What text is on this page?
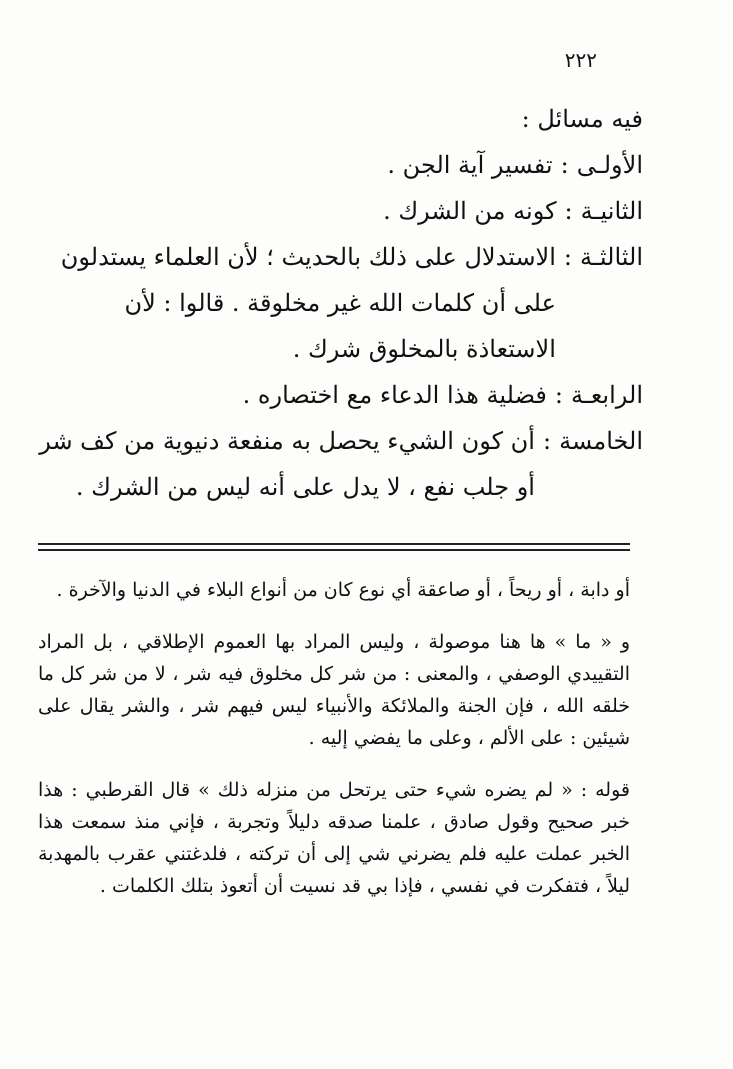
٢٢٢

فيه مسائل :

الأولـى
:
تفسير آية الجن .
الثانيـة
:
كونه من الشرك .
الثالثـة
:
الاستدلال على ذلك بالحديث ؛ لأن العلماء يستدلون على أن كلمات الله غير مخلوقة . قالوا : لأن الاستعاذة بالمخلوق شرك .
الرابعـة
:
فضلية هذا الدعاء مع اختصاره .
الخامسة
:
أن كون الشيء يحصل به منفعة دنيوية من كف شر أو جلب نفع ، لا يدل على أنه ليس من الشرك .

أو دابة ، أو ريحاً ، أو صاعقة أي نوع كان من أنواع البلاء في الدنيا والآخرة .

و « ما » ها هنا موصولة ، وليس المراد بها العموم الإطلاقي ، بل المراد التقييدي الوصفي ، والمعنى : من شر كل مخلوق فيه شر ، لا من شر كل ما خلقه الله ، فإن الجنة والملائكة والأنبياء ليس فيهم شر ، والشر يقال على شيئين : على الألم ، وعلى ما يفضي إليه .

قوله : « لم يضره شيء حتى يرتحل من منزله ذلك » قال القرطبي : هذا خبر صحيح وقول صادق ، علمنا صدقه دليلاً وتجربة ، فإني منذ سمعت هذا الخبر عملت عليه فلم يضرني شي إلى أن تركته ، فلدغتني عقرب بالمهدبة ليلاً ، فتفكرت في نفسي ، فإذا بي قد نسيت أن أتعوذ بتلك الكلمات .
